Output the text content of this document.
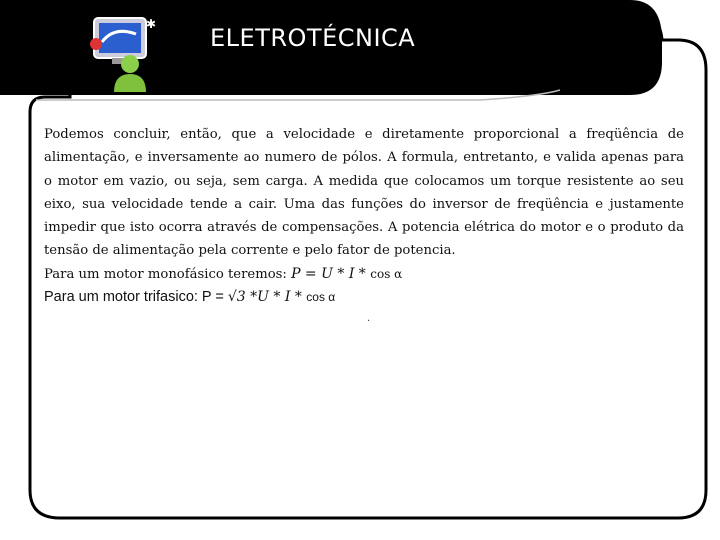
✱ ELETROTÉCNICA

Podemos concluir, então, que a velocidade e diretamente proporcional a freqüência de alimentação, e inversamente ao numero de pólos. A formula, entretanto, e valida apenas para o motor em vazio, ou seja, sem carga. A medida que colocamos um torque resistente ao seu eixo, sua velocidade tende a cair. Uma das funções do inversor de freqüência e justamente impedir que isto ocorra através de compensações. A potencia elétrica do motor e o produto da tensão de alimentação pela corrente e pelo fator de potencia.

Para um motor monofásico teremos: P = U * I * cos α
Para um motor trifasico: P = √3 *U * I * cos α
.
